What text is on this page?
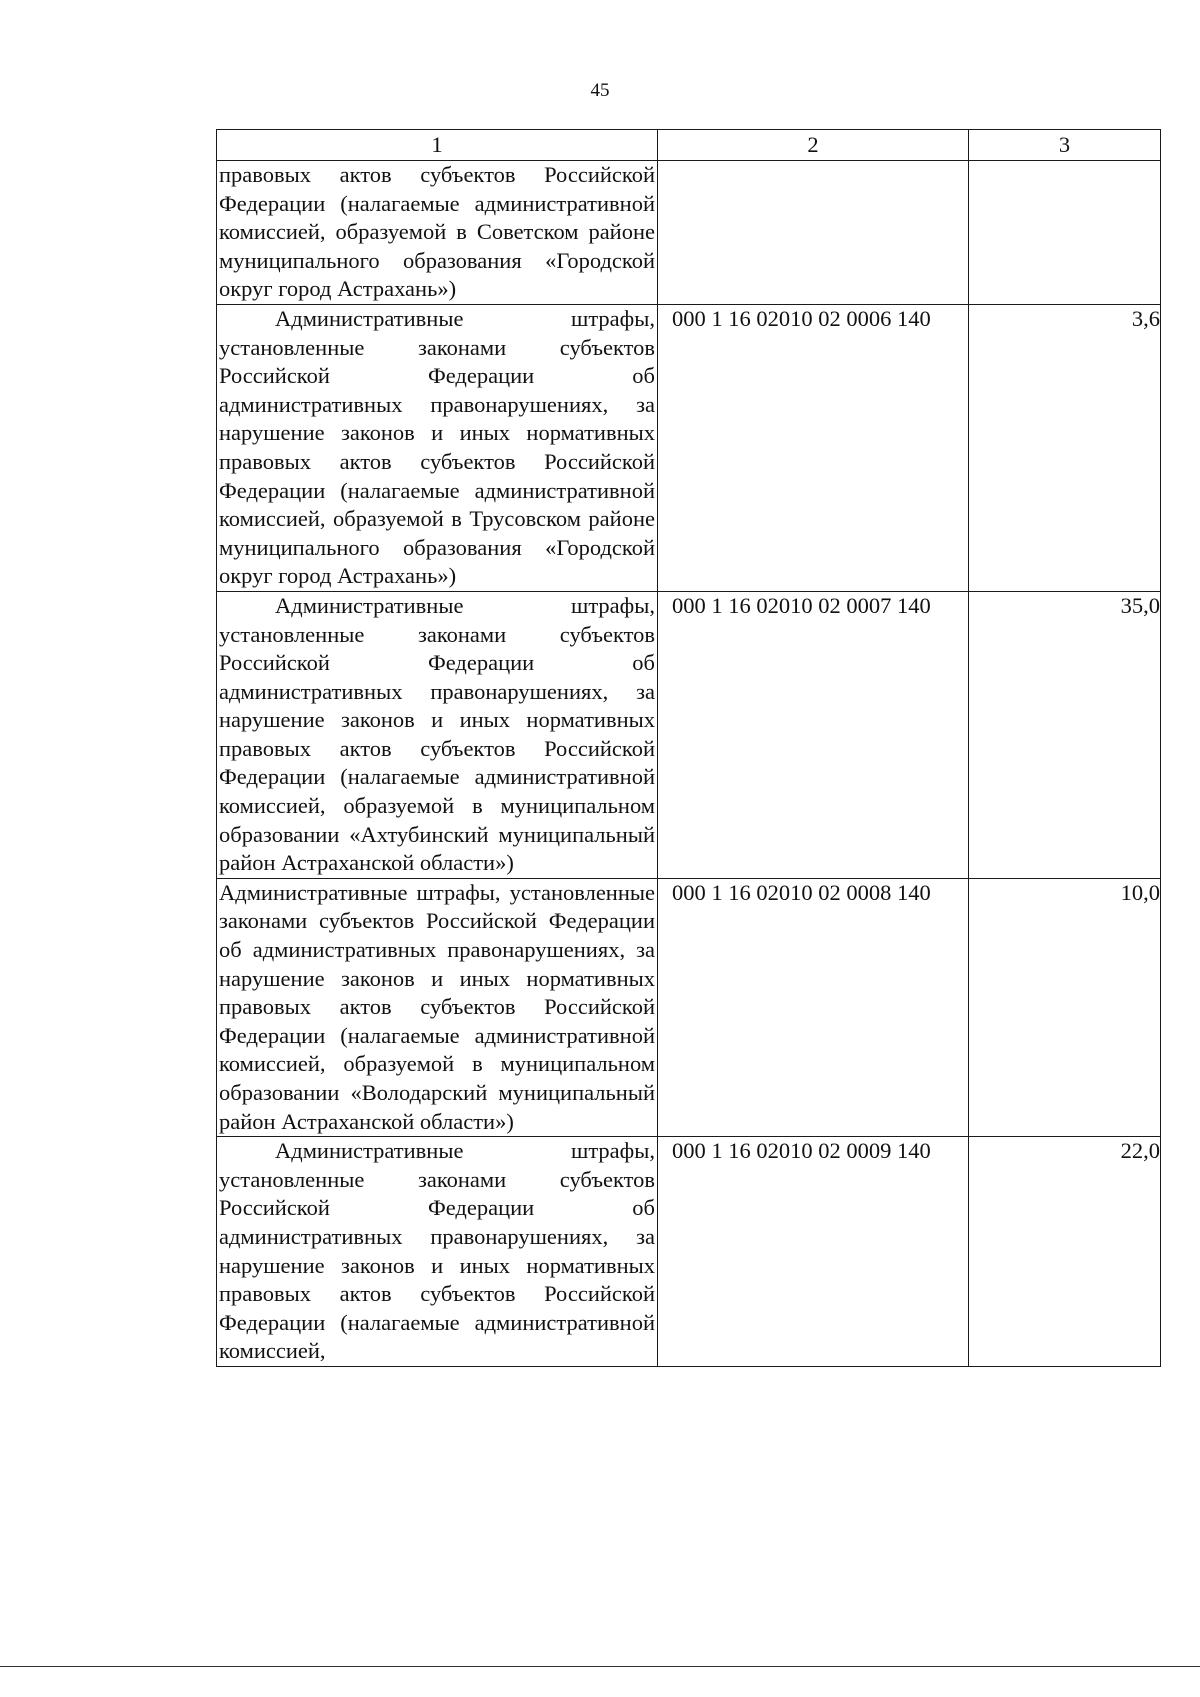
45
1	2	3
правовых актов субъектов Российской Федерации (налагаемые административной комиссией, образуемой в Советском районе муниципального образования «Городской округ город Астрахань»)		
Административные штрафы, установленные законами субъектов Российской Федерации об административных правонарушениях, за нарушение законов и иных нормативных правовых актов субъектов Российской Федерации (налагаемые административной комиссией, образуемой в Трусовском районе муниципального образования «Городской округ город Астрахань»)	000 1 16 02010 02 0006 140	3,6
Административные штрафы, установленные законами субъектов Российской Федерации об административных правонарушениях, за нарушение законов и иных нормативных правовых актов субъектов Российской Федерации (налагаемые административной комиссией, образуемой в муниципальном образовании «Ахтубинский муниципальный район Астраханской области»)	000 1 16 02010 02 0007 140	35,0
Административные штрафы, установленные законами субъектов Российской Федерации об административных правонарушениях, за нарушение законов и иных нормативных правовых актов субъектов Российской Федерации (налагаемые административной комиссией, образуемой в муниципальном образовании «Володарский муниципальный район Астраханской области»)	000 1 16 02010 02 0008 140	10,0
Административные штрафы, установленные законами субъектов Российской Федерации об административных правонарушениях, за нарушение законов и иных нормативных правовых актов субъектов Российской Федерации (налагаемые административной комиссией,	000 1 16 02010 02 0009 140	22,0
